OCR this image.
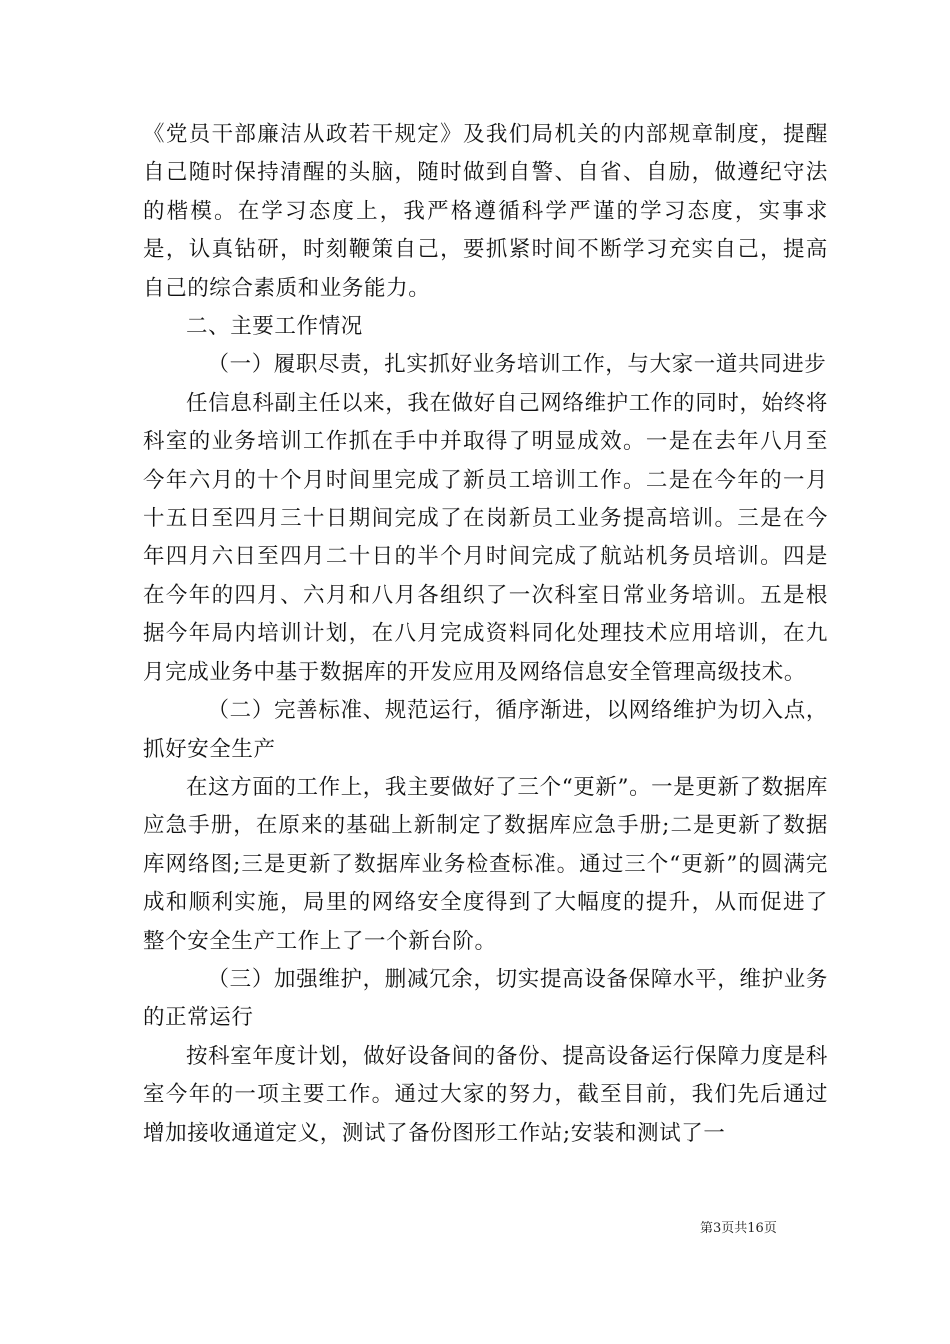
《党员干部廉洁从政若干规定》及我们局机关的内部规章制度，提醒自己随时保持清醒的头脑，随时做到自警、自省、自励，做遵纪守法的楷模。在学习态度上，我严格遵循科学严谨的学习态度，实事求是，认真钻研，时刻鞭策自己，要抓紧时间不断学习充实自己，提高自己的综合素质和业务能力。

二、主要工作情况

（一）履职尽责，扎实抓好业务培训工作，与大家一道共同进步

任信息科副主任以来，我在做好自己网络维护工作的同时，始终将科室的业务培训工作抓在手中并取得了明显成效。一是在去年八月至今年六月的十个月时间里完成了新员工培训工作。二是在今年的一月十五日至四月三十日期间完成了在岗新员工业务提高培训。三是在今年四月六日至四月二十日的半个月时间完成了航站机务员培训。四是在今年的四月、六月和八月各组织了一次科室日常业务培训。五是根据今年局内培训计划，在八月完成资料同化处理技术应用培训，在九月完成业务中基于数据库的开发应用及网络信息安全管理高级技术。

（二）完善标准、规范运行，循序渐进，以网络维护为切入点，抓好安全生产

在这方面的工作上，我主要做好了三个“更新”。一是更新了数据库应急手册，在原来的基础上新制定了数据库应急手册;二是更新了数据库网络图;三是更新了数据库业务检查标准。通过三个“更新”的圆满完成和顺利实施，局里的网络安全度得到了大幅度的提升，从而促进了整个安全生产工作上了一个新台阶。

（三）加强维护，删减冗余，切实提高设备保障水平，维护业务的正常运行

按科室年度计划，做好设备间的备份、提高设备运行保障力度是科室今年的一项主要工作。通过大家的努力，截至目前，我们先后通过增加接收通道定义，测试了备份图形工作站;安装和测试了一

第3页共16页
